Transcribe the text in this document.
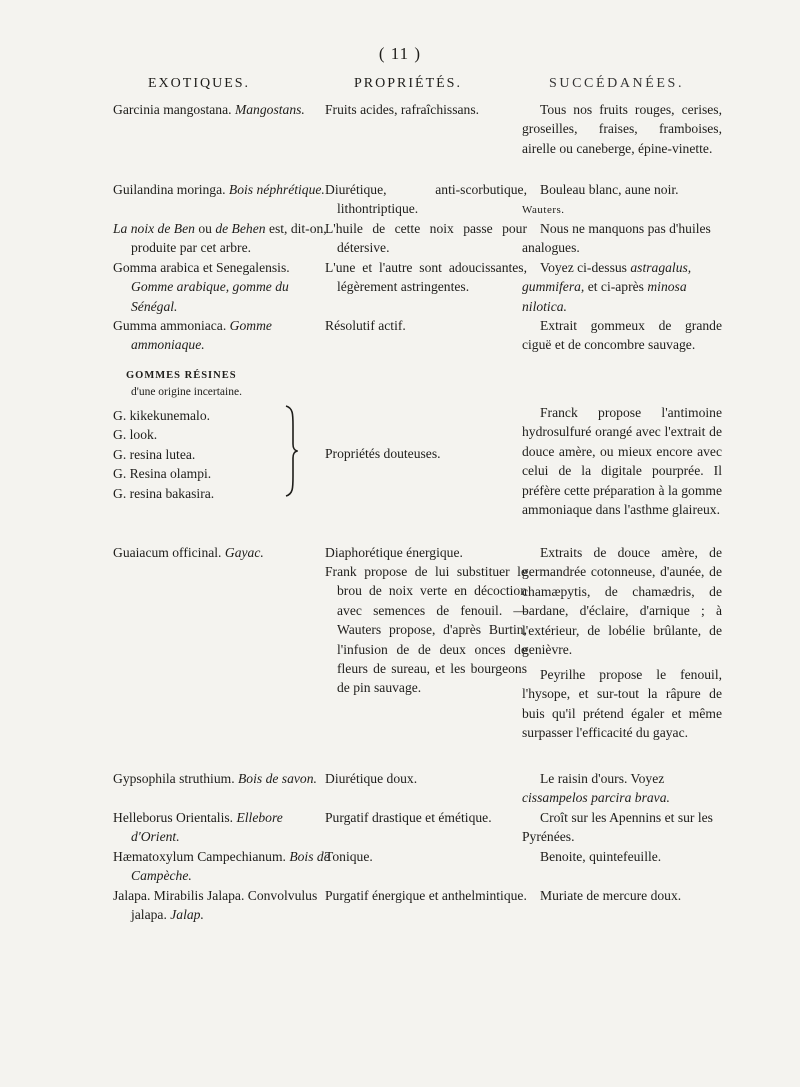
( 11 )
EXOTIQUES.	PROPRIÉTÉS.	SUCCÉDANÉES.

Garcinia mangostana. Mangostans.

Guilandina moringa. Bois néphrétique.

La noix de Ben ou de Behen est, dit-on, produite par cet arbre.

Gomma arabica et Senegalensis. Gomme arabique, gomme du Sénégal.

Gumma ammoniaca. Gomme ammoniaque.

Guaiacum officinal. Gayac.

Gypsophila struthium. Bois de savon.

Helleborus Orientalis. Ellebore d'Orient.

Hæmatoxylum Campechianum. Bois de Campèche.

Jalapa. Mirabilis Jalapa. Convolvulus jalapa. Jalap.

GOMMES RÉSINES
d'une origine incertaine.
G. kikekunemalo.
G. look.
G. resina lutea.
G. Resina olampi.
G. resina bakasira.

Fruits acides, rafraîchissans.

Diurétique, anti-scorbutique, lithontriptique.

L'huile de cette noix passe pour détersive.

L'une et l'autre sont adoucissantes, légèrement astringentes.

Résolutif actif.

Propriétés douteuses.

Diaphorétique énergique.

Frank propose de lui substituer le brou de noix verte en décoction avec semences de fenouil. — Wauters propose, d'après Burtin, l'infusion de de deux onces de fleurs de sureau, et les bourgeons de pin sauvage.

Diurétique doux.

Purgatif drastique et émétique.

Tonique.

Purgatif énergique et anthelmintique.

Tous nos fruits rouges, cerises, groseilles, fraises, framboises, airelle ou caneberge, épine-vinette.

Bouleau blanc, aune noir. Wauters.

Nous ne manquons pas d'huiles analogues.

Voyez ci-dessus astragalus, gummifera, et ci-après minosa nilotica.

Extrait gommeux de grande ciguë et de concombre sauvage.

Franck propose l'antimoine hydrosulfuré orangé avec l'extrait de douce amère, ou mieux encore avec celui de la digitale pourprée. Il préfère cette préparation à la gomme ammoniaque dans l'asthme glaireux.

Extraits de douce amère, de germandrée cotonneuse, d'aunée, de chamæpytis, de chamædris, de bardane, d'éclaire, d'arnique ; à l'extérieur, de lobélie brûlante, de genièvre.

Peyrilhe propose le fenouil, l'hysope, et sur-tout la râpure de buis qu'il prétend égaler et même surpasser l'efficacité du gayac.

Le raisin d'ours. Voyez cissampelos parcira brava.

Croît sur les Apennins et sur les Pyrénées.

Benoite, quintefeuille.

Muriate de mercure doux.
